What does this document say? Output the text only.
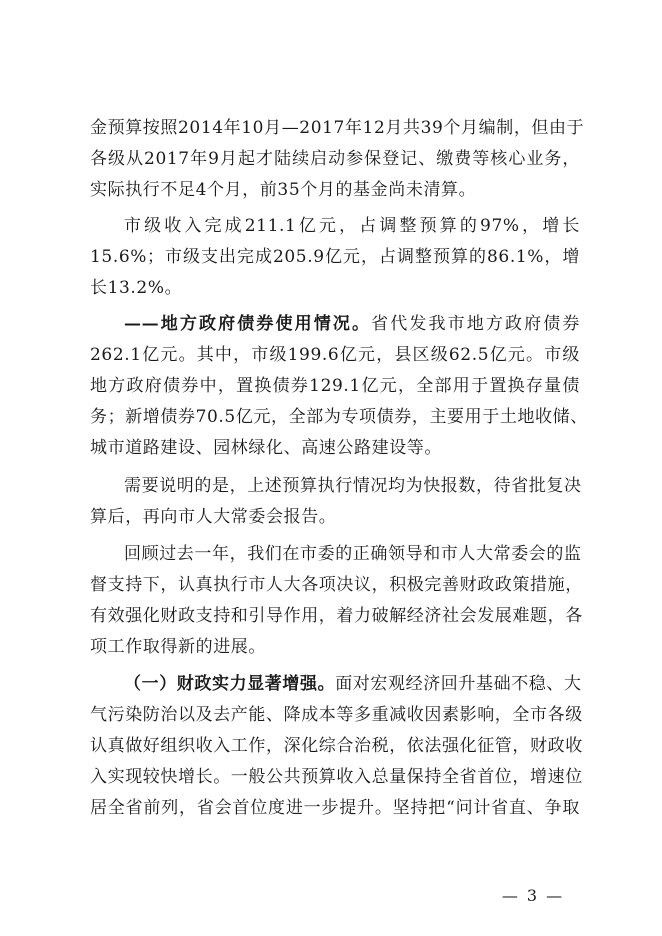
金预算按照2014年10月—2017年12月共39个月编制，但由于
各级从2017年9月起才陆续启动参保登记、缴费等核心业务，
实际执行不足4个月，前35个月的基金尚未清算。
市级收入完成211.1亿元，占调整预算的97%，增长
15.6%；市级支出完成205.9亿元，占调整预算的86.1%，增
长13.2%。
——地方政府债券使用情况。省代发我市地方政府债券
262.1亿元。其中，市级199.6亿元，县区级62.5亿元。市级
地方政府债券中，置换债券129.1亿元，全部用于置换存量债
务；新增债券70.5亿元，全部为专项债券，主要用于土地收储、
城市道路建设、园林绿化、高速公路建设等。
需要说明的是，上述预算执行情况均为快报数，待省批复决
算后，再向市人大常委会报告。
回顾过去一年，我们在市委的正确领导和市人大常委会的监
督支持下，认真执行市人大各项决议，积极完善财政政策措施，
有效强化财政支持和引导作用，着力破解经济社会发展难题，各
项工作取得新的进展。
（一）财政实力显著增强。面对宏观经济回升基础不稳、大
气污染防治以及去产能、降成本等多重减收因素影响，全市各级
认真做好组织收入工作，深化综合治税，依法强化征管，财政收
入实现较快增长。一般公共预算收入总量保持全省首位，增速位
居全省前列，省会首位度进一步提升。坚持把“问计省直、争取
— 3 —
